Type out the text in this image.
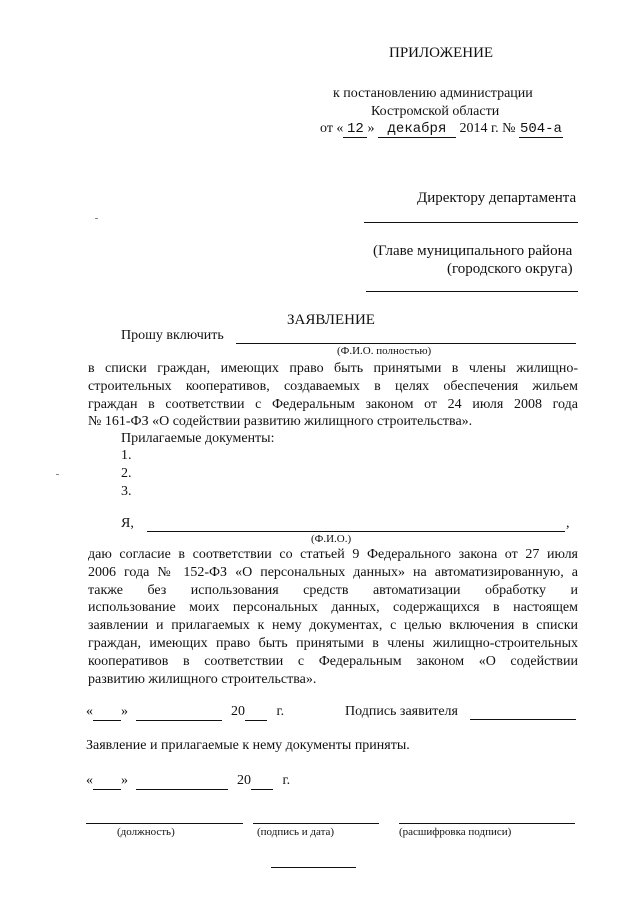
ПРИЛОЖЕНИЕ
к постановлению администрации
Костромской области
от « 12 » декабря 2014 г. № 504-а
Директору департамента
(Главе муниципального района
(городского округа)
ЗАЯВЛЕНИЕ
Прошу включить
(Ф.И.О. полностью)
в списки граждан, имеющих право быть принятыми в члены жилищно-
строительных кооперативов, создаваемых в целях обеспечения жильем
граждан в соответствии с Федеральным законом от 24 июля 2008 года
№ 161-ФЗ «О содействии развитию жилищного строительства».
Прилагаемые документы:
1.
2.
3.
Я,	,
(Ф.И.О.)
даю согласие в соответствии со статьей 9 Федерального закона от 27 июля
2006 года № 152-ФЗ «О персональных данных» на автоматизированную, а
также без использования средств автоматизации обработку и
использование моих персональных данных, содержащихся в настоящем
заявлении и прилагаемых к нему документах, с целью включения в списки
граждан, имеющих право быть принятыми в члены жилищно-строительных
кооперативов в соответствии с Федеральным законом «О содействии
развитию жилищного строительства».
« »	20 г.	Подпись заявителя
Заявление и прилагаемые к нему документы приняты.
« »	20 г.
(должность)	(подпись и дата)	(расшифровка подписи)
